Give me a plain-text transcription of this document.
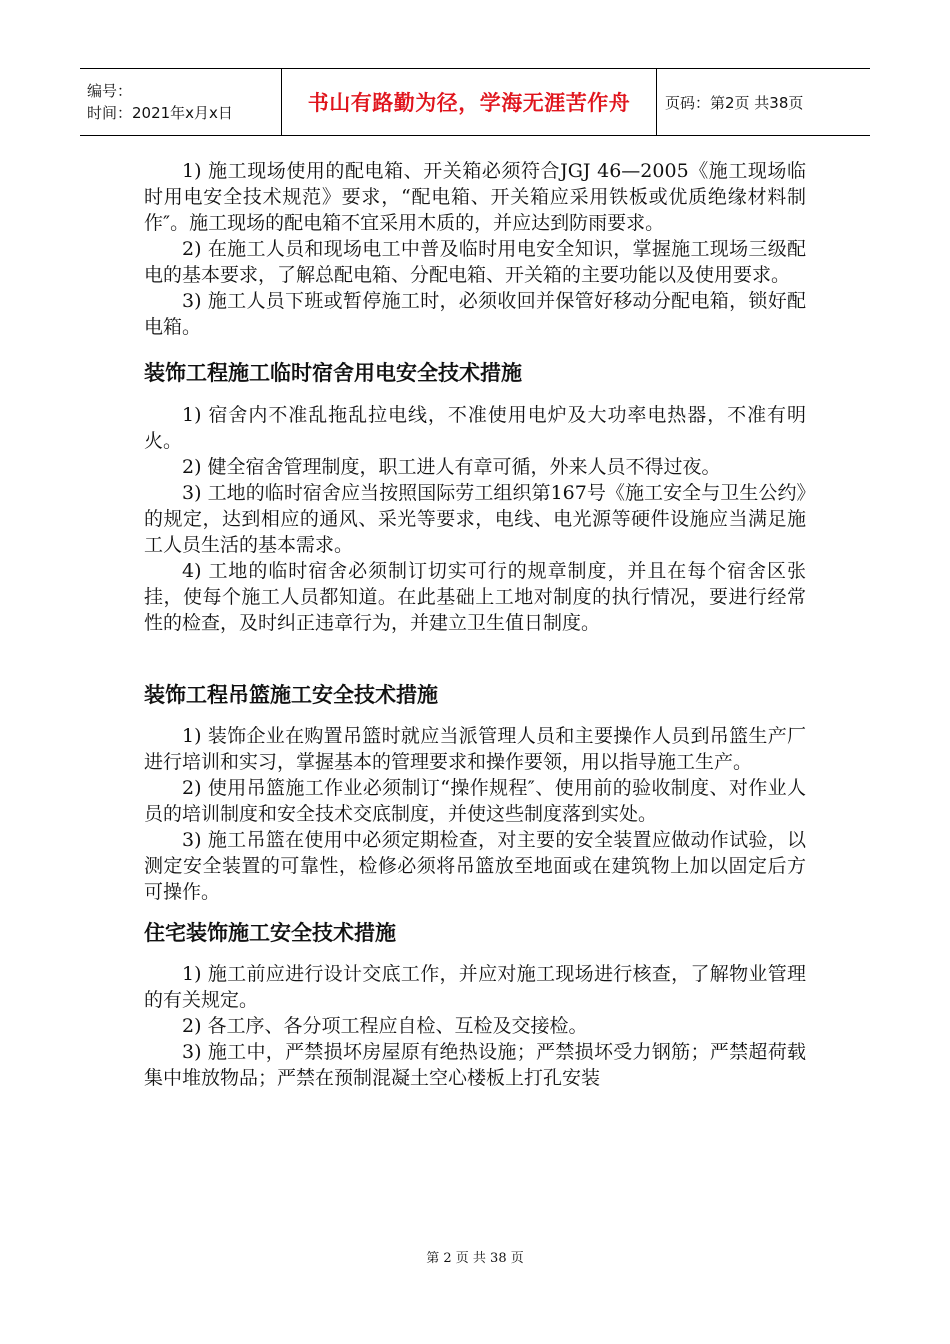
编号：
时间：2021年x月x日	书山有路勤为径，学海无涯苦作舟 页码：第2页 共38页

1) 施工现场使用的配电箱、开关箱必须符合JGJ 46—2005《施工现场临时用电安全技术规范》要求，“配电箱、开关箱应采用铁板或优质绝缘材料制作″。施工现场的配电箱不宜采用木质的，并应达到防雨要求。

2) 在施工人员和现场电工中普及临时用电安全知识，掌握施工现场三级配电的基本要求，了解总配电箱、分配电箱、开关箱的主要功能以及使用要求。

3) 施工人员下班或暂停施工时，必须收回并保管好移动分配电箱，锁好配电箱。

装饰工程施工临时宿舍用电安全技术措施

1) 宿舍内不准乱拖乱拉电线，不准使用电炉及大功率电热器，不准有明火。

2) 健全宿舍管理制度，职工进人有章可循，外来人员不得过夜。

3) 工地的临时宿舍应当按照国际劳工组织第167号《施工安全与卫生公约》的规定，达到相应的通风、采光等要求，电线、电光源等硬件设施应当满足施工人员生活的基本需求。

4) 工地的临时宿舍必须制订切实可行的规章制度，并且在每个宿舍区张挂，使每个施工人员都知道。在此基础上工地对制度的执行情况，要进行经常性的检查，及时纠正违章行为，并建立卫生值日制度。

装饰工程吊篮施工安全技术措施

1) 装饰企业在购置吊篮时就应当派管理人员和主要操作人员到吊篮生产厂进行培训和实习，掌握基本的管理要求和操作要领，用以指导施工生产。

2) 使用吊篮施工作业必须制订“操作规程″、使用前的验收制度、对作业人员的培训制度和安全技术交底制度，并使这些制度落到实处。

3) 施工吊篮在使用中必须定期检查，对主要的安全装置应做动作试验，以测定安全装置的可靠性，检修必须将吊篮放至地面或在建筑物上加以固定后方可操作。

住宅装饰施工安全技术措施

1) 施工前应进行设计交底工作，并应对施工现场进行核查，了解物业管理的有关规定。

2) 各工序、各分项工程应自检、互检及交接检。

3) 施工中，严禁损坏房屋原有绝热设施；严禁损坏受力钢筋；严禁超荷载集中堆放物品；严禁在预制混凝土空心楼板上打孔安装

第 2 页 共 38 页
